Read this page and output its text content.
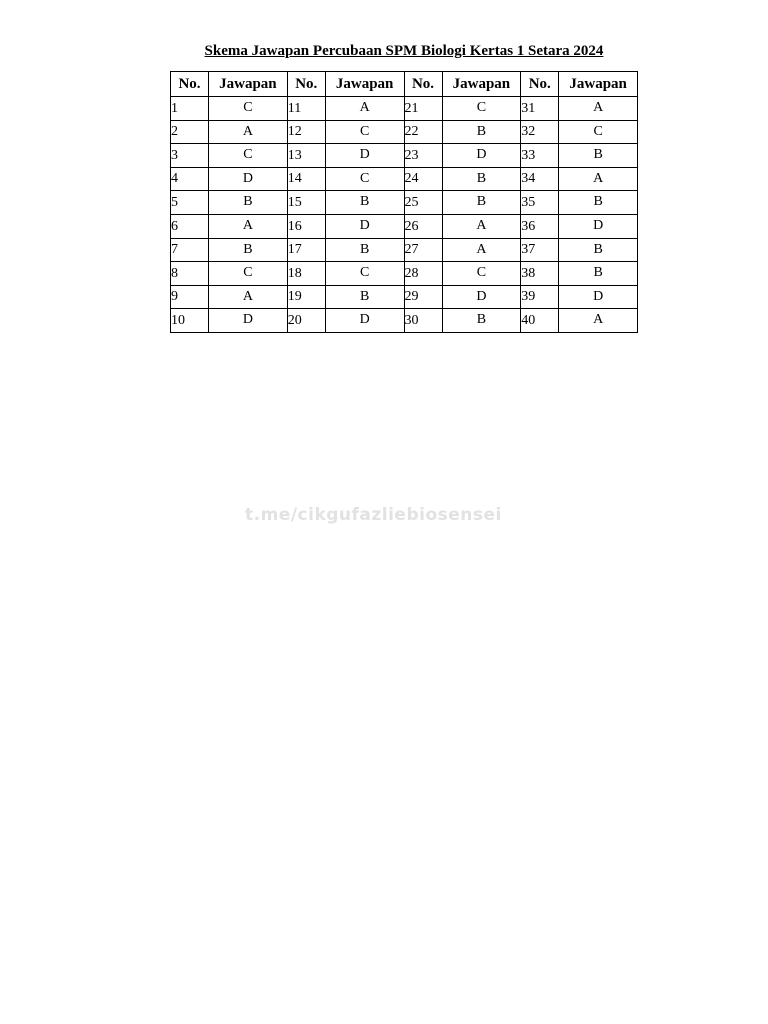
Skema Jawapan Percubaan SPM Biologi Kertas 1 Setara 2024
No.	Jawapan	No.	Jawapan	No.	Jawapan	No.	Jawapan
1	C	11	A	21	C	31	A
2	A	12	C	22	B	32	C
3	C	13	D	23	D	33	B
4	D	14	C	24	B	34	A
5	B	15	B	25	B	35	B
6	A	16	D	26	A	36	D
7	B	17	B	27	A	37	B
8	C	18	C	28	C	38	B
9	A	19	B	29	D	39	D
10	D	20	D	30	B	40	A
t.me/cikgufazliebiosensei
